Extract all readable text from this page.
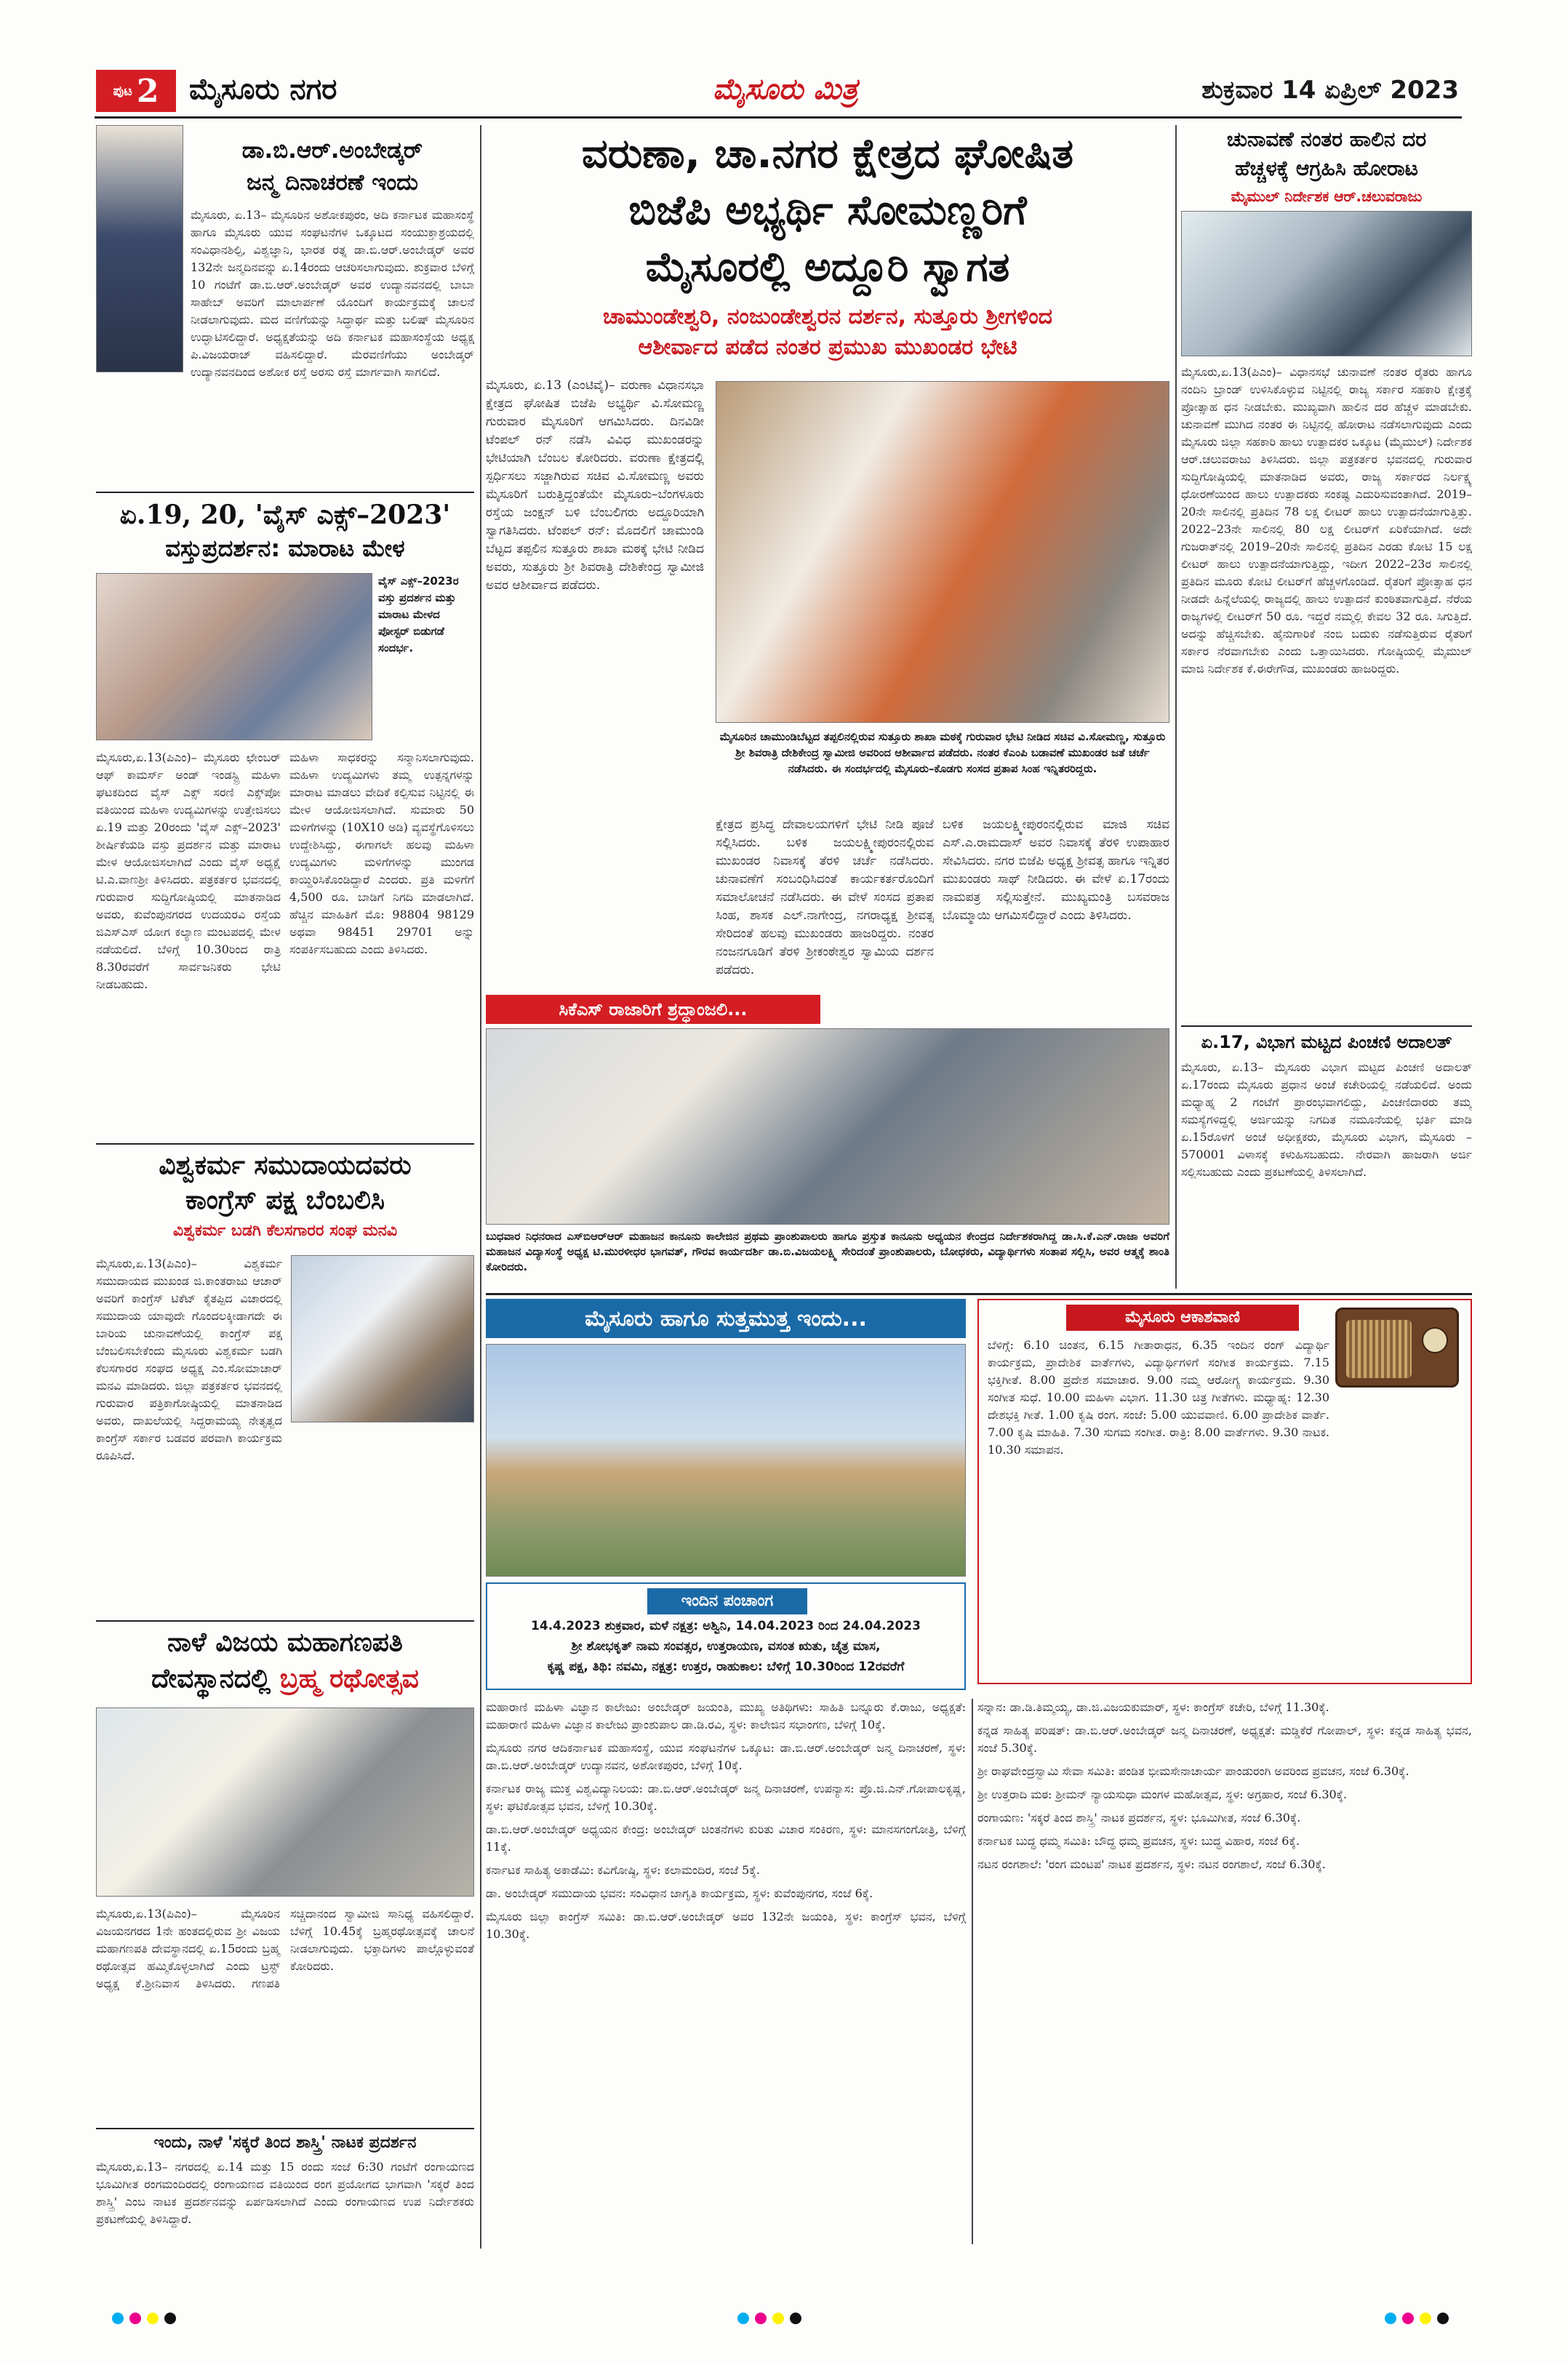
ಪುಟ 2 ಮೈಸೂರು ನಗರ	ಮೈಸೂರು ಮಿತ್ರ	ಶುಕ್ರವಾರ 14 ಏಪ್ರಿಲ್ 2023
ಡಾ.ಬಿ.ಆರ್.ಅಂಬೇಡ್ಕರ್
ಜನ್ಮ ದಿನಾಚರಣೆ ಇಂದು
ಮೈಸೂರು, ಏ.13– ಮೈಸೂರಿನ ಅಶೋಕಪುರಂ, ಅದಿ ಕರ್ನಾಟಕ ಮಹಾಸಂಸ್ಥೆ ಹಾಗೂ ಮೈಸೂರು ಯುವ ಸಂಘಟನೆಗಳ ಒಕ್ಕೂಟದ ಸಂಯುಕ್ತಾಶ್ರಯದಲ್ಲಿ ಸಂವಿಧಾನಶಿಲ್ಪಿ, ವಿಶ್ವಜ್ಞಾನಿ, ಭಾರತ ರತ್ನ ಡಾ.ಬಿ.ಆರ್.ಅಂಬೇಡ್ಕರ್ ಅವರ 132ನೇ ಜನ್ಮದಿನವನ್ನು ಏ.14ರಂದು ಆಚರಿಸಲಾಗುವುದು. ಶುಕ್ರವಾರ ಬೆಳಿಗ್ಗೆ 10 ಗಂಟೆಗೆ ಡಾ.ಬಿ.ಆರ್.ಅಂಬೇಡ್ಕರ್ ಅವರ ಉದ್ಯಾನವನದಲ್ಲಿ ಬಾಬಾ ಸಾಹೇಬ್ ಅವರಿಗೆ ಮಾಲಾರ್ಪಣೆ ಯೊಂದಿಗೆ ಕಾರ್ಯಕ್ರಮಕ್ಕೆ ಚಾಲನೆ ನೀಡಲಾಗುವುದು. ಮದ ವಣಿಗೆಯನ್ನು ಸಿದ್ಧಾರ್ಥ ಮತ್ತು ಬಲಿಷ್ ಮೈಸೂರಿನ ಉದ್ಘಾಟಿಸಲಿದ್ದಾರೆ. ಅಧ್ಯಕ್ಷತೆಯನ್ನು ಅದಿ ಕರ್ನಾಟಕ ಮಹಾಸಂಸ್ಥೆಯ ಅಧ್ಯಕ್ಷ ಪಿ.ವಿಜಯರಾಜ್ ವಹಿಸಲಿದ್ದಾರೆ. ಮೆರವಣಿಗೆಯು ಅಂಬೇಡ್ಕರ್ ಉದ್ಯಾನವನದಿಂದ ಅಶೋಕ ರಸ್ತೆ ಅರಸು ರಸ್ತೆ ಮಾರ್ಗವಾಗಿ ಸಾಗಲಿದೆ.
ಏ.19, 20, 'ವೈಸ್ ಎಕ್ಸ್–2023'
ವಸ್ತುಪ್ರದರ್ಶನ: ಮಾರಾಟ ಮೇಳ
ವೈಸ್ ಎಕ್ಸ್–2023ರ ವಸ್ತು ಪ್ರದರ್ಶನ ಮತ್ತು ಮಾರಾಟ ಮೇಳದ ಪೋಸ್ಟರ್ ಬಿಡುಗಡೆ ಸಂದರ್ಭ.
ಮೈಸೂರು,ಏ.13(ಪಿಎಂ)– ಮೈಸೂರು ಛೇಂಬರ್ ಆಫ್ ಕಾಮರ್ಸ್ ಅಂಡ್ ಇಂಡಸ್ಟ್ರಿ ಮಹಿಳಾ ಘಟಕದಿಂದ ವೈಸ್ ಎಕ್ಸ್ ಸರಣಿ ಎಕ್ಸ್‌ಪೋ ವತಿಯಿಂದ ಮಹಿಳಾ ಉದ್ಯಮಿಗಳನ್ನು ಉತ್ತೇಜಿಸಲು ಏ.19 ಮತ್ತು 20ರಂದು 'ವೈಸ್ ಎಕ್ಸ್–2023' ಶೀರ್ಷಿಕೆಯಡಿ ವಸ್ತು ಪ್ರದರ್ಶನ ಮತ್ತು ಮಾರಾಟ ಮೇಳ ಆಯೋಜಿಸಲಾಗಿದೆ ಎಂದು ವೈಸ್ ಅಧ್ಯಕ್ಷೆ ಟಿ.ಎ.ವಾಣಶ್ರೀ ತಿಳಿಸಿದರು. ಪತ್ರಕರ್ತರ ಭವನದಲ್ಲಿ ಗುರುವಾರ ಸುದ್ದಿಗೋಷ್ಠಿಯಲ್ಲಿ ಮಾತನಾಡಿದ ಅವರು, ಕುವೆಂಪುನಗರದ ಉದಯರವಿ ರಸ್ತೆಯ ಜಿಎಸ್ಎಸ್ ಯೋಗ ಕಲ್ಯಾಣ ಮಂಟಪದಲ್ಲಿ ಮೇಳ ನಡೆಯಲಿದೆ. ಬೆಳಿಗ್ಗೆ 10.30ರಿಂದ ರಾತ್ರಿ 8.30ರವರೆಗೆ ಸಾರ್ವಜನಿಕರು ಭೇಟಿ ನೀಡಬಹುದು.
ಮಹಿಳಾ ಸಾಧಕರನ್ನು ಸನ್ಮಾನಿಸಲಾಗುವುದು. ಮಹಿಳಾ ಉದ್ಯಮಿಗಳು ತಮ್ಮ ಉತ್ಪನ್ನಗಳನ್ನು ಮಾರಾಟ ಮಾಡಲು ವೇದಿಕೆ ಕಲ್ಪಿಸುವ ನಿಟ್ಟಿನಲ್ಲಿ ಈ ಮೇಳ ಆಯೋಜಿಸಲಾಗಿದೆ. ಸುಮಾರು 50 ಮಳಿಗೆಗಳನ್ನು (10X10 ಅಡಿ) ವ್ಯವಸ್ಥೆಗೊಳಿಸಲು ಉದ್ದೇಶಿಸಿದ್ದು, ಈಗಾಗಲೇ ಹಲವು ಮಹಿಳಾ ಉದ್ಯಮಿಗಳು ಮಳಿಗೆಗಳನ್ನು ಮುಂಗಡ ಕಾಯ್ದಿರಿಸಿಕೊಂಡಿದ್ದಾರೆ ಎಂದರು. ಪ್ರತಿ ಮಳಿಗೆಗೆ 4,500 ರೂ. ಬಾಡಿಗೆ ನಿಗದಿ ಮಾಡಲಾಗಿದೆ. ಹೆಚ್ಚಿನ ಮಾಹಿತಿಗೆ ಮೊ: 98804 98129 ಅಥವಾ 98451 29701 ಅನ್ನು ಸಂಪರ್ಕಿಸಬಹುದು ಎಂದು ತಿಳಿಸಿದರು.
ವಿಶ್ವಕರ್ಮ ಸಮುದಾಯದವರು
ಕಾಂಗ್ರೆಸ್ ಪಕ್ಷ ಬೆಂಬಲಿಸಿ
ವಿಶ್ವಕರ್ಮ ಬಡಗಿ ಕೆಲಸಗಾರರ ಸಂಘ ಮನವಿ
ಮೈಸೂರು,ಏ.13(ಪಿಎಂ)– ವಿಶ್ವಕರ್ಮ ಸಮುದಾಯದ ಮುಖಂಡ ಜಿ.ಕಾಂತರಾಜು ಆಚಾರ್ ಅವರಿಗೆ ಕಾಂಗ್ರೆಸ್ ಟಿಕೆಟ್ ಕೈತಪ್ಪಿದ ವಿಚಾರದಲ್ಲಿ ಸಮುದಾಯ ಯಾವುದೇ ಗೊಂದಲಕ್ಕೀಡಾಗದೇ ಈ ಬಾರಿಯ ಚುನಾವಣೆಯಲ್ಲಿ ಕಾಂಗ್ರೆಸ್ ಪಕ್ಷ ಬೆಂಬಲಿಸಬೇಕೆಂದು ಮೈಸೂರು ವಿಶ್ವಕರ್ಮ ಬಡಗಿ ಕೆಲಸಗಾರರ ಸಂಘದ ಅಧ್ಯಕ್ಷ ಎಂ.ಸೋಮಾಚಾರ್ ಮನವಿ ಮಾಡಿದರು. ಜಿಲ್ಲಾ ಪತ್ರಕರ್ತರ ಭವನದಲ್ಲಿ ಗುರುವಾರ ಪತ್ರಿಕಾಗೋಷ್ಠಿಯಲ್ಲಿ ಮಾತನಾಡಿದ ಅವರು, ದಾಖಲೆಯಲ್ಲಿ ಸಿದ್ದರಾಮಯ್ಯ ನೇತೃತ್ವದ ಕಾಂಗ್ರೆಸ್ ಸರ್ಕಾರ ಬಡವರ ಪರವಾಗಿ ಕಾರ್ಯಕ್ರಮ ರೂಪಿಸಿದೆ.
ನಾಳೆ ವಿಜಯ ಮಹಾಗಣಪತಿ
ದೇವಸ್ಥಾನದಲ್ಲಿ ಬ್ರಹ್ಮ ರಥೋತ್ಸವ
ಮೈಸೂರು,ಏ.13(ಪಿಎಂ)– ಮೈಸೂರಿನ ವಿಜಯನಗರದ 1ನೇ ಹಂತದಲ್ಲಿರುವ ಶ್ರೀ ವಿಜಯ ಮಹಾಗಣಪತಿ ದೇವಸ್ಥಾನದಲ್ಲಿ ಏ.15ರಂದು ಬ್ರಹ್ಮ ರಥೋತ್ಸವ ಹಮ್ಮಿಕೊಳ್ಳಲಾಗಿದೆ ಎಂದು ಟ್ರಸ್ಟ್ ಅಧ್ಯಕ್ಷ ಕೆ.ಶ್ರೀನಿವಾಸ ತಿಳಿಸಿದರು. ಗಣಪತಿ ಸಚ್ಚಿದಾನಂದ ಸ್ವಾಮೀಜಿ ಸಾನಿಧ್ಯ ವಹಿಸಲಿದ್ದಾರೆ. ಬೆಳಿಗ್ಗೆ 10.45ಕ್ಕೆ ಬ್ರಹ್ಮರಥೋತ್ಸವಕ್ಕೆ ಚಾಲನೆ ನೀಡಲಾಗುವುದು. ಭಕ್ತಾದಿಗಳು ಪಾಲ್ಗೊಳ್ಳುವಂತೆ ಕೋರಿದರು.
ಇಂದು, ನಾಳೆ 'ಸಕ್ಕರೆ ತಿಂದ ಶಾಸ್ತ್ರಿ' ನಾಟಕ ಪ್ರದರ್ಶನ
ಮೈಸೂರು,ಏ.13– ನಗರದಲ್ಲಿ ಏ.14 ಮತ್ತು 15 ರಂದು ಸಂಜೆ 6:30 ಗಂಟೆಗೆ ರಂಗಾಯಣದ ಭೂಮಿಗೀತ ರಂಗಮಂದಿರದಲ್ಲಿ ರಂಗಾಯಣದ ವತಿಯಿಂದ ರಂಗ ಪ್ರಯೋಗದ ಭಾಗವಾಗಿ 'ಸಕ್ಕರೆ ತಿಂದ ಶಾಸ್ತ್ರಿ' ಎಂಬ ನಾಟಕ ಪ್ರದರ್ಶನವನ್ನು ಏರ್ಪಡಿಸಲಾಗಿದೆ ಎಂದು ರಂಗಾಯಣದ ಉಪ ನಿರ್ದೇಶಕರು ಪ್ರಕಟಣೆಯಲ್ಲಿ ತಿಳಿಸಿದ್ದಾರೆ.
ವರುಣಾ, ಚಾ.ನಗರ ಕ್ಷೇತ್ರದ ಘೋಷಿತ
ಬಿಜೆಪಿ ಅಭ್ಯರ್ಥಿ ಸೋಮಣ್ಣರಿಗೆ
ಮೈಸೂರಲ್ಲಿ ಅದ್ದೂರಿ ಸ್ವಾಗತ
ಚಾಮುಂಡೇಶ್ವರಿ, ನಂಜುಂಡೇಶ್ವರನ ದರ್ಶನ, ಸುತ್ತೂರು ಶ್ರೀಗಳಿಂದ
ಆಶೀರ್ವಾದ ಪಡೆದ ನಂತರ ಪ್ರಮುಖ ಮುಖಂಡರ ಭೇಟಿ
ಮೈಸೂರು, ಏ.13 (ಎಂಟಿವೈ)– ವರುಣಾ ವಿಧಾನಸಭಾ ಕ್ಷೇತ್ರದ ಘೋಷಿತ ಬಿಜೆಪಿ ಅಭ್ಯರ್ಥಿ ವಿ.ಸೋಮಣ್ಣ ಗುರುವಾರ ಮೈಸೂರಿಗೆ ಆಗಮಿಸಿದರು. ದಿನವಿಡೀ ಟೆಂಪಲ್ ರನ್ ನಡೆಸಿ ವಿವಿಧ ಮುಖಂಡರನ್ನು ಭೇಟಿಯಾಗಿ ಬೆಂಬಲ ಕೋರಿದರು. ವರುಣಾ ಕ್ಷೇತ್ರದಲ್ಲಿ ಸ್ಪರ್ಧಿಸಲು ಸಜ್ಜಾಗಿರುವ ಸಚಿವ ವಿ.ಸೋಮಣ್ಣ ಅವರು ಮೈಸೂರಿಗೆ ಬರುತ್ತಿದ್ದಂತೆಯೇ ಮೈಸೂರು–ಬೆಂಗಳೂರು ರಸ್ತೆಯ ಜಂಕ್ಷನ್ ಬಳಿ ಬೆಂಬಲಿಗರು ಅದ್ದೂರಿಯಾಗಿ ಸ್ವಾಗತಿಸಿದರು. ಟೆಂಪಲ್ ರನ್: ಮೊದಲಿಗೆ ಚಾಮುಂಡಿ ಬೆಟ್ಟದ ತಪ್ಪಲಿನ ಸುತ್ತೂರು ಶಾಖಾ ಮಠಕ್ಕೆ ಭೇಟಿ ನೀಡಿದ ಅವರು, ಸುತ್ತೂರು ಶ್ರೀ ಶಿವರಾತ್ರಿ ದೇಶಿಕೇಂದ್ರ ಸ್ವಾಮೀಜಿ ಅವರ ಆಶೀರ್ವಾದ ಪಡೆದರು.
ಮೈಸೂರಿನ ಚಾಮುಂಡಿಬೆಟ್ಟದ ತಪ್ಪಲಿನಲ್ಲಿರುವ ಸುತ್ತೂರು ಶಾಖಾ ಮಠಕ್ಕೆ ಗುರುವಾರ ಭೇಟಿ ನೀಡಿದ ಸಚಿವ ವಿ.ಸೋಮಣ್ಣ, ಸುತ್ತೂರು ಶ್ರೀ ಶಿವರಾತ್ರಿ ದೇಶಿಕೇಂದ್ರ ಸ್ವಾಮೀಜಿ ಅವರಿಂದ ಆಶೀರ್ವಾದ ಪಡೆದರು. ನಂತರ ಕೆಎಂಪಿ ಬಡಾವಣೆ ಮುಖಂಡರ ಜತೆ ಚರ್ಚೆ ನಡೆಸಿದರು. ಈ ಸಂದರ್ಭದಲ್ಲಿ ಮೈಸೂರು–ಕೊಡಗು ಸಂಸದ ಪ್ರತಾಪ ಸಿಂಹ ಇನ್ನಿತರರಿದ್ದರು.
ಕ್ಷೇತ್ರದ ಪ್ರಸಿದ್ಧ ದೇವಾಲಯಗಳಿಗೆ ಭೇಟಿ ನೀಡಿ ಪೂಜೆ ಸಲ್ಲಿಸಿದರು. ಬಳಿಕ ಜಯಲಕ್ಷ್ಮೀಪುರಂನಲ್ಲಿರುವ ಮುಖಂಡರ ನಿವಾಸಕ್ಕೆ ತೆರಳಿ ಚರ್ಚೆ ನಡೆಸಿದರು. ಚುನಾವಣೆಗೆ ಸಂಬಂಧಿಸಿದಂತೆ ಕಾರ್ಯಕರ್ತರೊಂದಿಗೆ ಸಮಾಲೋಚನೆ ನಡೆಸಿದರು. ಈ ವೇಳೆ ಸಂಸದ ಪ್ರತಾಪ ಸಿಂಹ, ಶಾಸಕ ಎಲ್.ನಾಗೇಂದ್ರ, ನಗರಾಧ್ಯಕ್ಷ ಶ್ರೀವತ್ಸ ಸೇರಿದಂತೆ ಹಲವು ಮುಖಂಡರು ಹಾಜರಿದ್ದರು. ನಂತರ ನಂಜನಗೂಡಿಗೆ ತೆರಳಿ ಶ್ರೀಕಂಠೇಶ್ವರ ಸ್ವಾಮಿಯ ದರ್ಶನ ಪಡೆದರು.
ಬಳಿಕ ಜಯಲಕ್ಷ್ಮೀಪುರಂನಲ್ಲಿರುವ ಮಾಜಿ ಸಚಿವ ಎಸ್.ಎ.ರಾಮದಾಸ್ ಅವರ ನಿವಾಸಕ್ಕೆ ತೆರಳಿ ಉಪಾಹಾರ ಸೇವಿಸಿದರು. ನಗರ ಬಿಜೆಪಿ ಅಧ್ಯಕ್ಷ ಶ್ರೀವತ್ಸ ಹಾಗೂ ಇನ್ನಿತರ ಮುಖಂಡರು ಸಾಥ್ ನೀಡಿದರು. ಈ ವೇಳೆ ಏ.17ರಂದು ನಾಮಪತ್ರ ಸಲ್ಲಿಸುತ್ತೇನೆ. ಮುಖ್ಯಮಂತ್ರಿ ಬಸವರಾಜ ಬೊಮ್ಮಾಯಿ ಆಗಮಿಸಲಿದ್ದಾರೆ ಎಂದು ತಿಳಿಸಿದರು.
ಸಿಕೆಎಸ್ ರಾಜಾರಿಗೆ ಶ್ರದ್ಧಾಂಜಲಿ...
ಬುಧವಾರ ನಿಧನರಾದ ಎಸ್‌ಬಿಆರ್‌ಆರ್ ಮಹಾಜನ ಕಾನೂನು ಕಾಲೇಜಿನ ಪ್ರಥಮ ಪ್ರಾಂಶುಪಾಲರು ಹಾಗೂ ಪ್ರಸ್ತುತ ಕಾನೂನು ಅಧ್ಯಯನ ಕೇಂದ್ರದ ನಿರ್ದೇಶಕರಾಗಿದ್ದ ಡಾ.ಸಿ.ಕೆ.ಎನ್.ರಾಜಾ ಅವರಿಗೆ ಮಹಾಜನ ವಿದ್ಯಾಸಂಸ್ಥೆ ಅಧ್ಯಕ್ಷ ಟಿ.ಮುರಳೀಧರ ಭಾಗವತ್, ಗೌರವ ಕಾರ್ಯದರ್ಶಿ ಡಾ.ಬಿ.ವಿಜಯಲಕ್ಷ್ಮಿ ಸೇರಿದಂತೆ ಪ್ರಾಂಶುಪಾಲರು, ಬೋಧಕರು, ವಿದ್ಯಾರ್ಥಿಗಳು ಸಂತಾಪ ಸಲ್ಲಿಸಿ, ಅವರ ಆತ್ಮಕ್ಕೆ ಶಾಂತಿ ಕೋರಿದರು.
ಚುನಾವಣೆ ನಂತರ ಹಾಲಿನ ದರ
ಹೆಚ್ಚಳಕ್ಕೆ ಆಗ್ರಹಿಸಿ ಹೋರಾಟ
ಮೈಮುಲ್ ನಿರ್ದೇಶಕ ಆರ್.ಚಲುವರಾಜು
ಮೈಸೂರು,ಏ.13(ಪಿಎಂ)– ವಿಧಾನಸಭೆ ಚುನಾವಣೆ ನಂತರ ರೈತರು ಹಾಗೂ ನಂದಿನಿ ಬ್ರಾಂಡ್ ಉಳಿಸಿಕೊಳ್ಳುವ ನಿಟ್ಟಿನಲ್ಲಿ ರಾಜ್ಯ ಸರ್ಕಾರ ಸಹಕಾರಿ ಕ್ಷೇತ್ರಕ್ಕೆ ಪ್ರೋತ್ಸಾಹ ಧನ ನೀಡಬೇಕು. ಮುಖ್ಯವಾಗಿ ಹಾಲಿನ ದರ ಹೆಚ್ಚಳ ಮಾಡಬೇಕು. ಚುನಾವಣೆ ಮುಗಿದ ನಂತರ ಈ ನಿಟ್ಟಿನಲ್ಲಿ ಹೋರಾಟ ನಡೆಸಲಾಗುವುದು ಎಂದು ಮೈಸೂರು ಜಿಲ್ಲಾ ಸಹಕಾರಿ ಹಾಲು ಉತ್ಪಾದಕರ ಒಕ್ಕೂಟ (ಮೈಮುಲ್) ನಿರ್ದೇಶಕ ಆರ್.ಚಲುವರಾಜು ತಿಳಿಸಿದರು. ಜಿಲ್ಲಾ ಪತ್ರಕರ್ತರ ಭವನದಲ್ಲಿ ಗುರುವಾರ ಸುದ್ದಿಗೋಷ್ಠಿಯಲ್ಲಿ ಮಾತನಾಡಿದ ಅವರು, ರಾಜ್ಯ ಸರ್ಕಾರದ ನಿರ್ಲಕ್ಷ್ಯ ಧೋರಣೆಯಿಂದ ಹಾಲು ಉತ್ಪಾದಕರು ಸಂಕಷ್ಟ ಎದುರಿಸುವಂತಾಗಿದೆ. 2019–20ನೇ ಸಾಲಿನಲ್ಲಿ ಪ್ರತಿದಿನ 78 ಲಕ್ಷ ಲೀಟರ್ ಹಾಲು ಉತ್ಪಾದನೆಯಾಗುತ್ತಿತ್ತು. 2022–23ನೇ ಸಾಲಿನಲ್ಲಿ 80 ಲಕ್ಷ ಲೀಟರ್‌ಗೆ ಏರಿಕೆಯಾಗಿದೆ. ಅದೇ ಗುಜರಾತ್‌ನಲ್ಲಿ 2019–20ನೇ ಸಾಲಿನಲ್ಲಿ ಪ್ರತಿದಿನ ಎರಡು ಕೋಟಿ 15 ಲಕ್ಷ ಲೀಟರ್ ಹಾಲು ಉತ್ಪಾದನೆಯಾಗುತ್ತಿದ್ದು, ಇದೀಗ 2022–23ರ ಸಾಲಿನಲ್ಲಿ ಪ್ರತಿದಿನ ಮೂರು ಕೋಟಿ ಲೀಟರ್‌ಗೆ ಹೆಚ್ಚಳಗೊಂಡಿದೆ. ರೈತರಿಗೆ ಪ್ರೋತ್ಸಾಹ ಧನ ನೀಡದೇ ಹಿನ್ನೆಲೆಯಲ್ಲಿ ರಾಜ್ಯದಲ್ಲಿ ಹಾಲು ಉತ್ಪಾದನೆ ಕುಂಠಿತವಾಗುತ್ತಿದೆ. ನೆರೆಯ ರಾಜ್ಯಗಳಲ್ಲಿ ಲೀಟರ್‌ಗೆ 50 ರೂ. ಇದ್ದರೆ ನಮ್ಮಲ್ಲಿ ಕೇವಲ 32 ರೂ. ಸಿಗುತ್ತಿದೆ. ಅದನ್ನು ಹೆಚ್ಚಿಸಬೇಕು. ಹೈನುಗಾರಿಕೆ ನಂಬಿ ಬದುಕು ನಡೆಸುತ್ತಿರುವ ರೈತರಿಗೆ ಸರ್ಕಾರ ನೆರವಾಗಬೇಕು ಎಂದು ಒತ್ತಾಯಿಸಿದರು. ಗೋಷ್ಠಿಯಲ್ಲಿ ಮೈಮುಲ್ ಮಾಜಿ ನಿರ್ದೇಶಕ ಕೆ.ಈರೇಗೌಡ, ಮುಖಂಡರು ಹಾಜರಿದ್ದರು.
ಏ.17, ವಿಭಾಗ ಮಟ್ಟದ ಪಿಂಚಣಿ ಅದಾಲತ್
ಮೈಸೂರು, ಏ.13– ಮೈಸೂರು ವಿಭಾಗ ಮಟ್ಟದ ಪಿಂಚಣಿ ಅದಾಲತ್ ಏ.17ರಂದು ಮೈಸೂರು ಪ್ರಧಾನ ಅಂಚೆ ಕಚೇರಿಯಲ್ಲಿ ನಡೆಯಲಿದೆ. ಅಂದು ಮಧ್ಯಾಹ್ನ 2 ಗಂಟೆಗೆ ಪ್ರಾರಂಭವಾಗಲಿದ್ದು, ಪಿಂಚಣಿದಾರರು ತಮ್ಮ ಸಮಸ್ಯೆಗಳಿದ್ದಲ್ಲಿ ಅರ್ಜಿಯನ್ನು ನಿಗದಿತ ನಮೂನೆಯಲ್ಲಿ ಭರ್ತಿ ಮಾಡಿ ಏ.15ರೊಳಗೆ ಅಂಚೆ ಅಧೀಕ್ಷಕರು, ಮೈಸೂರು ವಿಭಾಗ, ಮೈಸೂರು – 570001 ವಿಳಾಸಕ್ಕೆ ಕಳುಹಿಸಬಹುದು. ನೇರವಾಗಿ ಹಾಜರಾಗಿ ಅರ್ಜಿ ಸಲ್ಲಿಸಬಹುದು ಎಂದು ಪ್ರಕಟಣೆಯಲ್ಲಿ ತಿಳಿಸಲಾಗಿದೆ.
ಮೈಸೂರು ಹಾಗೂ ಸುತ್ತಮುತ್ತ ಇಂದು...
ಇಂದಿನ ಪಂಚಾಂಗ
14.4.2023 ಶುಕ್ರವಾರ, ಮಳೆ ನಕ್ಷತ್ರ: ಅಶ್ವಿನಿ, 14.04.2023 ರಿಂದ 24.04.2023
ಶ್ರೀ ಶೋಭಕೃತ್ ನಾಮ ಸಂವತ್ಸರ, ಉತ್ತರಾಯಣ, ವಸಂತ ಋತು, ಚೈತ್ರ ಮಾಸ,
ಕೃಷ್ಣ ಪಕ್ಷ, ತಿಥಿ: ನವಮಿ, ನಕ್ಷತ್ರ: ಉತ್ತರ, ರಾಹುಕಾಲ: ಬೆಳಿಗ್ಗೆ 10.30ರಿಂದ 12ರವರೆಗೆ
ಮೈಸೂರು ಆಕಾಶವಾಣಿ
ಬೆಳಿಗ್ಗೆ: 6.10 ಚಿಂತನ, 6.15 ಗೀತಾರಾಧನ, 6.35 ಇಂದಿನ ರಂಗ್ ವಿದ್ಯಾರ್ಥಿ ಕಾರ್ಯಕ್ರಮ, ಪ್ರಾದೇಶಿಕ ವಾರ್ತೆಗಳು, ವಿದ್ಯಾರ್ಥಿಗಳಿಗೆ ಸಂಗೀತ ಕಾರ್ಯಕ್ರಮ. 7.15 ಭಕ್ತಿಗೀತೆ. 8.00 ಪ್ರದೇಶ ಸಮಾಚಾರ. 9.00 ನಮ್ಮ ಆರೋಗ್ಯ ಕಾರ್ಯಕ್ರಮ. 9.30 ಸಂಗೀತ ಸುಧೆ. 10.00 ಮಹಿಳಾ ವಿಭಾಗ. 11.30 ಚಿತ್ರ ಗೀತೆಗಳು. ಮಧ್ಯಾಹ್ನ: 12.30 ದೇಶಭಕ್ತಿ ಗೀತೆ. 1.00 ಕೃಷಿ ರಂಗ. ಸಂಜೆ: 5.00 ಯುವವಾಣಿ. 6.00 ಪ್ರಾದೇಶಿಕ ವಾರ್ತೆ. 7.00 ಕೃಷಿ ಮಾಹಿತಿ. 7.30 ಸುಗಮ ಸಂಗೀತ. ರಾತ್ರಿ: 8.00 ವಾರ್ತೆಗಳು. 9.30 ನಾಟಕ. 10.30 ಸಮಾಪನ.
ಮಹಾರಾಣಿ ಮಹಿಳಾ ವಿಜ್ಞಾನ ಕಾಲೇಜು: ಅಂಬೇಡ್ಕರ್ ಜಯಂತಿ, ಮುಖ್ಯ ಅತಿಥಿಗಳು: ಸಾಹಿತಿ ಬನ್ನೂರು ಕೆ.ರಾಜು, ಅಧ್ಯಕ್ಷತೆ: ಮಹಾರಾಣಿ ಮಹಿಳಾ ವಿಜ್ಞಾನ ಕಾಲೇಜು ಪ್ರಾಂಶುಪಾಲ ಡಾ.ಡಿ.ರವಿ, ಸ್ಥಳ: ಕಾಲೇಜಿನ ಸಭಾಂಗಣ, ಬೆಳಿಗ್ಗೆ 10ಕ್ಕೆ.
ಮೈಸೂರು ನಗರ ಆದಿಕರ್ನಾಟಕ ಮಹಾಸಂಸ್ಥೆ, ಯುವ ಸಂಘಟನೆಗಳ ಒಕ್ಕೂಟ: ಡಾ.ಬಿ.ಆರ್.ಅಂಬೇಡ್ಕರ್ ಜನ್ಮ ದಿನಾಚರಣೆ, ಸ್ಥಳ: ಡಾ.ಬಿ.ಆರ್.ಅಂಬೇಡ್ಕರ್ ಉದ್ಯಾನವನ, ಅಶೋಕಪುರಂ, ಬೆಳಿಗ್ಗೆ 10ಕ್ಕೆ.
ಕರ್ನಾಟಕ ರಾಜ್ಯ ಮುಕ್ತ ವಿಶ್ವವಿದ್ಯಾನಿಲಯ: ಡಾ.ಬಿ.ಆರ್.ಅಂಬೇಡ್ಕರ್ ಜನ್ಮ ದಿನಾಚರಣೆ, ಉಪನ್ಯಾಸ: ಪ್ರೊ.ಜಿ.ಎನ್.ಗೋಪಾಲಕೃಷ್ಣ, ಸ್ಥಳ: ಘಟಿಕೋತ್ಸವ ಭವನ, ಬೆಳಿಗ್ಗೆ 10.30ಕ್ಕೆ.
ಡಾ.ಬಿ.ಆರ್.ಅಂಬೇಡ್ಕರ್ ಅಧ್ಯಯನ ಕೇಂದ್ರ: ಅಂಬೇಡ್ಕರ್ ಚಿಂತನೆಗಳು ಕುರಿತು ವಿಚಾರ ಸಂಕಿರಣ, ಸ್ಥಳ: ಮಾನಸಗಂಗೋತ್ರಿ, ಬೆಳಿಗ್ಗೆ 11ಕ್ಕೆ.
ಕರ್ನಾಟಕ ಸಾಹಿತ್ಯ ಅಕಾಡೆಮಿ: ಕವಿಗೋಷ್ಠಿ, ಸ್ಥಳ: ಕಲಾಮಂದಿರ, ಸಂಜೆ 5ಕ್ಕೆ.
ಡಾ. ಅಂಬೇಡ್ಕರ್ ಸಮುದಾಯ ಭವನ: ಸಂವಿಧಾನ ಜಾಗೃತಿ ಕಾರ್ಯಕ್ರಮ, ಸ್ಥಳ: ಕುವೆಂಪುನಗರ, ಸಂಜೆ 6ಕ್ಕೆ.
ಮೈಸೂರು ಜಿಲ್ಲಾ ಕಾಂಗ್ರೆಸ್ ಸಮಿತಿ: ಡಾ.ಬಿ.ಆರ್.ಅಂಬೇಡ್ಕರ್ ಅವರ 132ನೇ ಜಯಂತಿ, ಸ್ಥಳ: ಕಾಂಗ್ರೆಸ್ ಭವನ, ಬೆಳಿಗ್ಗೆ 10.30ಕ್ಕೆ.
ಸನ್ನಾನ: ಡಾ.ಡಿ.ತಿಮ್ಮಯ್ಯ, ಡಾ.ಜಿ.ವಿಜಯಕುಮಾರ್, ಸ್ಥಳ: ಕಾಂಗ್ರೆಸ್ ಕಚೇರಿ, ಬೆಳಿಗ್ಗೆ 11.30ಕ್ಕೆ.
ಕನ್ನಡ ಸಾಹಿತ್ಯ ಪರಿಷತ್: ಡಾ.ಬಿ.ಆರ್.ಅಂಬೇಡ್ಕರ್ ಜನ್ಮ ದಿನಾಚರಣೆ, ಅಧ್ಯಕ್ಷತೆ: ಮಡ್ಡಿಕೆರೆ ಗೋಪಾಲ್, ಸ್ಥಳ: ಕನ್ನಡ ಸಾಹಿತ್ಯ ಭವನ, ಸಂಜೆ 5.30ಕ್ಕೆ.
ಶ್ರೀ ರಾಘವೇಂದ್ರಸ್ವಾಮಿ ಸೇವಾ ಸಮಿತಿ: ಪಂಡಿತ ಭೀಮಸೇನಾಚಾರ್ಯ ಪಾಂಡುರಂಗಿ ಅವರಿಂದ ಪ್ರವಚನ, ಸಂಜೆ 6.30ಕ್ಕೆ.
ಶ್ರೀ ಉತ್ತರಾದಿ ಮಠ: ಶ್ರೀಮನ್ ನ್ಯಾಯಸುಧಾ ಮಂಗಳ ಮಹೋತ್ಸವ, ಸ್ಥಳ: ಅಗ್ರಹಾರ, ಸಂಜೆ 6.30ಕ್ಕೆ.
ರಂಗಾಯಣ: 'ಸಕ್ಕರೆ ತಿಂದ ಶಾಸ್ತ್ರಿ' ನಾಟಕ ಪ್ರದರ್ಶನ, ಸ್ಥಳ: ಭೂಮಿಗೀತ, ಸಂಜೆ 6.30ಕ್ಕೆ.
ಕರ್ನಾಟಕ ಬುದ್ಧ ಧಮ್ಮ ಸಮಿತಿ: ಬೌದ್ಧ ಧಮ್ಮ ಪ್ರವಚನ, ಸ್ಥಳ: ಬುದ್ಧ ವಿಹಾರ, ಸಂಜೆ 6ಕ್ಕೆ.
ನಟನ ರಂಗಶಾಲೆ: 'ರಂಗ ಮಂಟಪ' ನಾಟಕ ಪ್ರದರ್ಶನ, ಸ್ಥಳ: ನಟನ ರಂಗಶಾಲೆ, ಸಂಜೆ 6.30ಕ್ಕೆ.
